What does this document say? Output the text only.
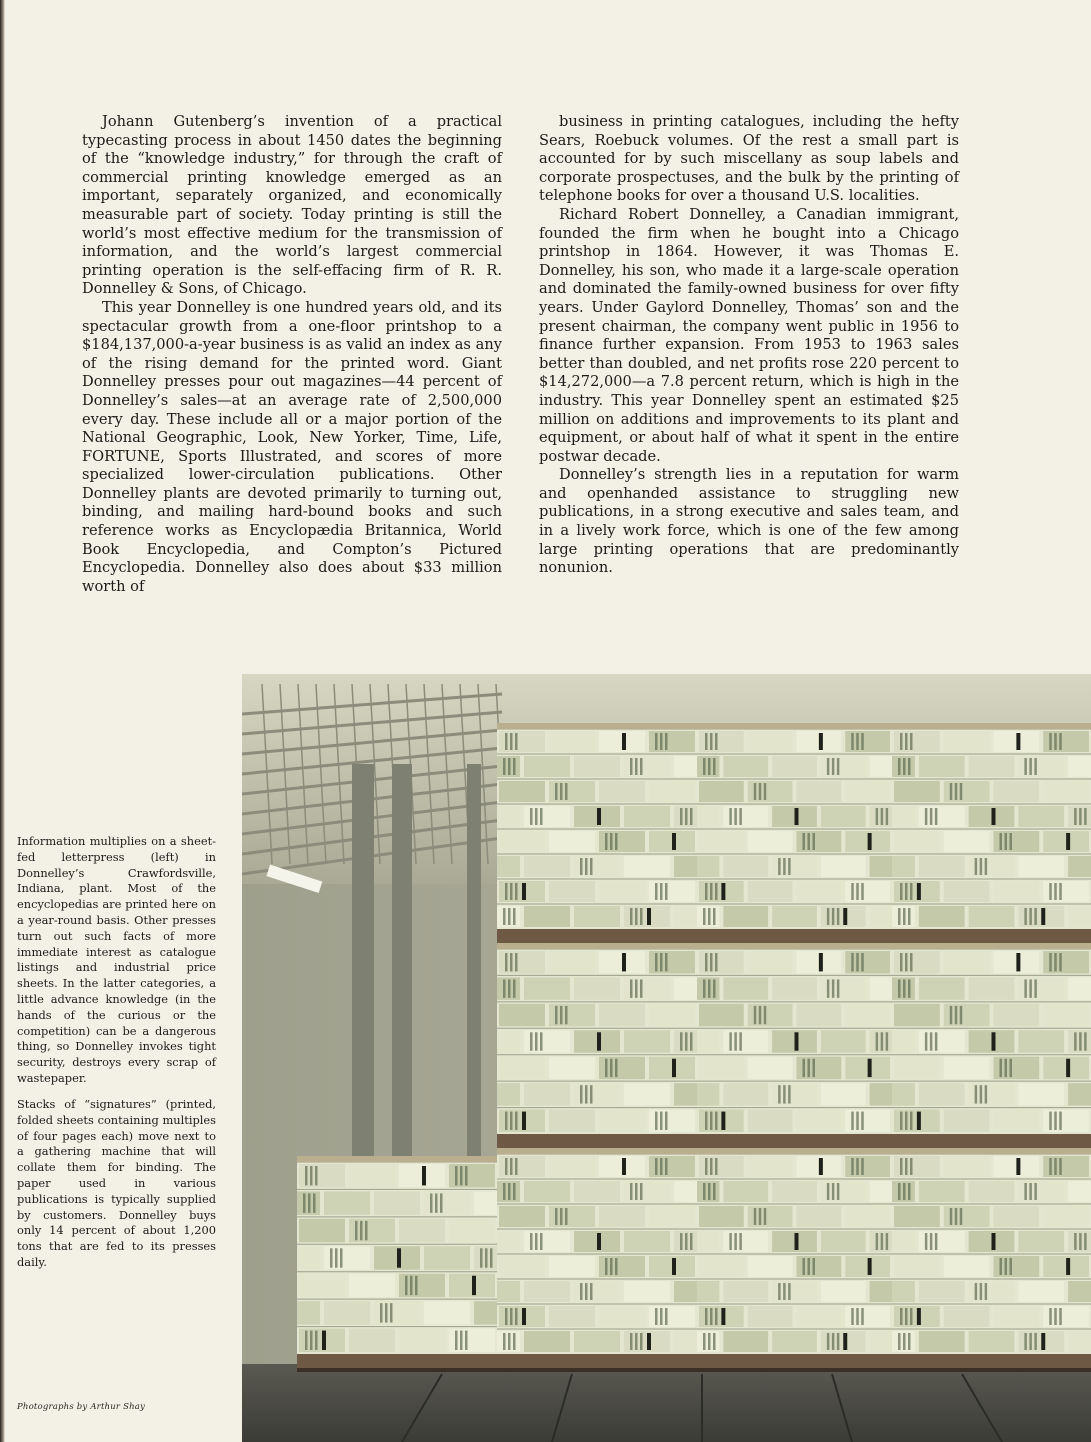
Johann Gutenberg’s invention of a practical typecasting process in about 1450 dates the beginning of the “knowledge industry,” for through the craft of commercial printing knowledge emerged as an important, separately organized, and economically measurable part of society. Today printing is still the world’s most effective medium for the transmission of information, and the world’s largest commercial printing operation is the self-effacing firm of R. R. Donnelley & Sons, of Chicago.

This year Donnelley is one hundred years old, and its spectacular growth from a one-floor printshop to a $184,137,000-a-year business is as valid an index as any of the rising demand for the printed word. Giant Donnelley presses pour out magazines—44 percent of Donnelley’s sales—at an average rate of 2,500,000 every day. These include all or a major portion of the National Geographic, Look, New Yorker, Time, Life, FORTUNE, Sports Illustrated, and scores of more specialized lower-circulation publications. Other Donnelley plants are devoted primarily to turning out, binding, and mailing hard-bound books and such reference works as Encyclopædia Britannica, World Book Encyclopedia, and Compton’s Pictured Encyclopedia. Donnelley also does about $33 million worth of

business in printing catalogues, including the hefty Sears, Roebuck volumes. Of the rest a small part is accounted for by such miscellany as soup labels and corporate prospectuses, and the bulk by the printing of telephone books for over a thousand U.S. localities.

Richard Robert Donnelley, a Canadian immigrant, founded the firm when he bought into a Chicago printshop in 1864. However, it was Thomas E. Donnelley, his son, who made it a large-scale operation and dominated the family-owned business for over fifty years. Under Gaylord Donnelley, Thomas’ son and the present chairman, the company went public in 1956 to finance further expansion. From 1953 to 1963 sales better than doubled, and net profits rose 220 percent to $14,272,000—a 7.8 percent return, which is high in the industry. This year Donnelley spent an estimated $25 million on additions and improvements to its plant and equipment, or about half of what it spent in the entire postwar decade.

Donnelley’s strength lies in a reputation for warm and openhanded assistance to struggling new publications, in a strong executive and sales team, and in a lively work force, which is one of the few among large printing operations that are predominantly nonunion.

Information multiplies on a sheet-fed letterpress (left) in Donnelley’s Crawfordsville, Indiana, plant. Most of the encyclopedias are printed here on a year-round basis. Other presses turn out such facts of more immediate interest as catalogue listings and industrial price sheets. In the latter categories, a little advance knowledge (in the hands of the curious or the competition) can be a dangerous thing, so Donnelley invokes tight security, destroys every scrap of wastepaper.

Stacks of “signatures” (printed, folded sheets containing multiples of four pages each) move next to a gathering machine that will collate them for binding. The paper used in various publications is typically supplied by customers. Donnelley buys only 14 percent of about 1,200 tons that are fed to its presses daily.

Photographs by Arthur Shay
